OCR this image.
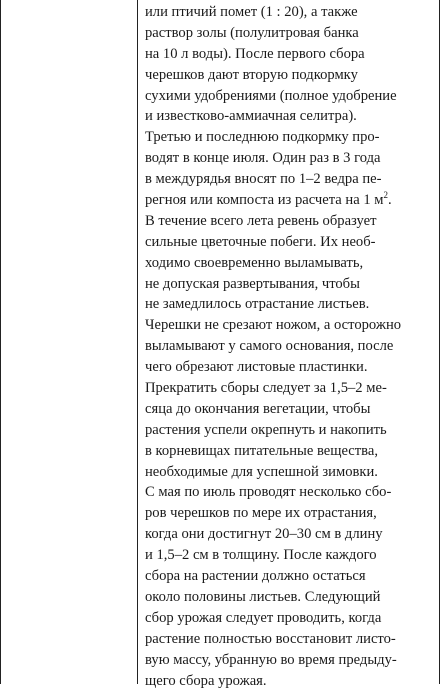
или птичий помет (1 : 20), а также
раствор золы (полулитровая банка
на 10 л воды). После первого сбора
черешков дают вторую подкормку
сухими удобрениями (полное удобрение
и известково-аммиачная селитра).
Третью и последнюю подкормку про-
водят в конце июля. Один раз в 3 года
в междурядья вносят по 1–2 ведра пе-
регноя или компоста из расчета на 1 $м^2$.
В течение всего лета ревень образует
сильные цветочные побеги. Их необ-
ходимо своевременно выламывать,
не допуская развертывания, чтобы
не замедлилось отрастание листьев.
Черешки не срезают ножом, а осторожно
выламывают у самого основания, после
чего обрезают листовые пластинки.
Прекратить сборы следует за 1,5–2 ме-
сяца до окончания вегетации, чтобы
растения успели окрепнуть и накопить
в корневищах питательные вещества,
необходимые для успешной зимовки.
С мая по июль проводят несколько сбо-
ров черешков по мере их отрастания,
когда они достигнут 20–30 см в длину
и 1,5–2 см в толщину. После каждого
сбора на растении должно остаться
около половины листьев. Следующий
сбор урожая следует проводить, когда
растение полностью восстановит листо-
вую массу, убранную во время предыду-
щего сбора урожая.
